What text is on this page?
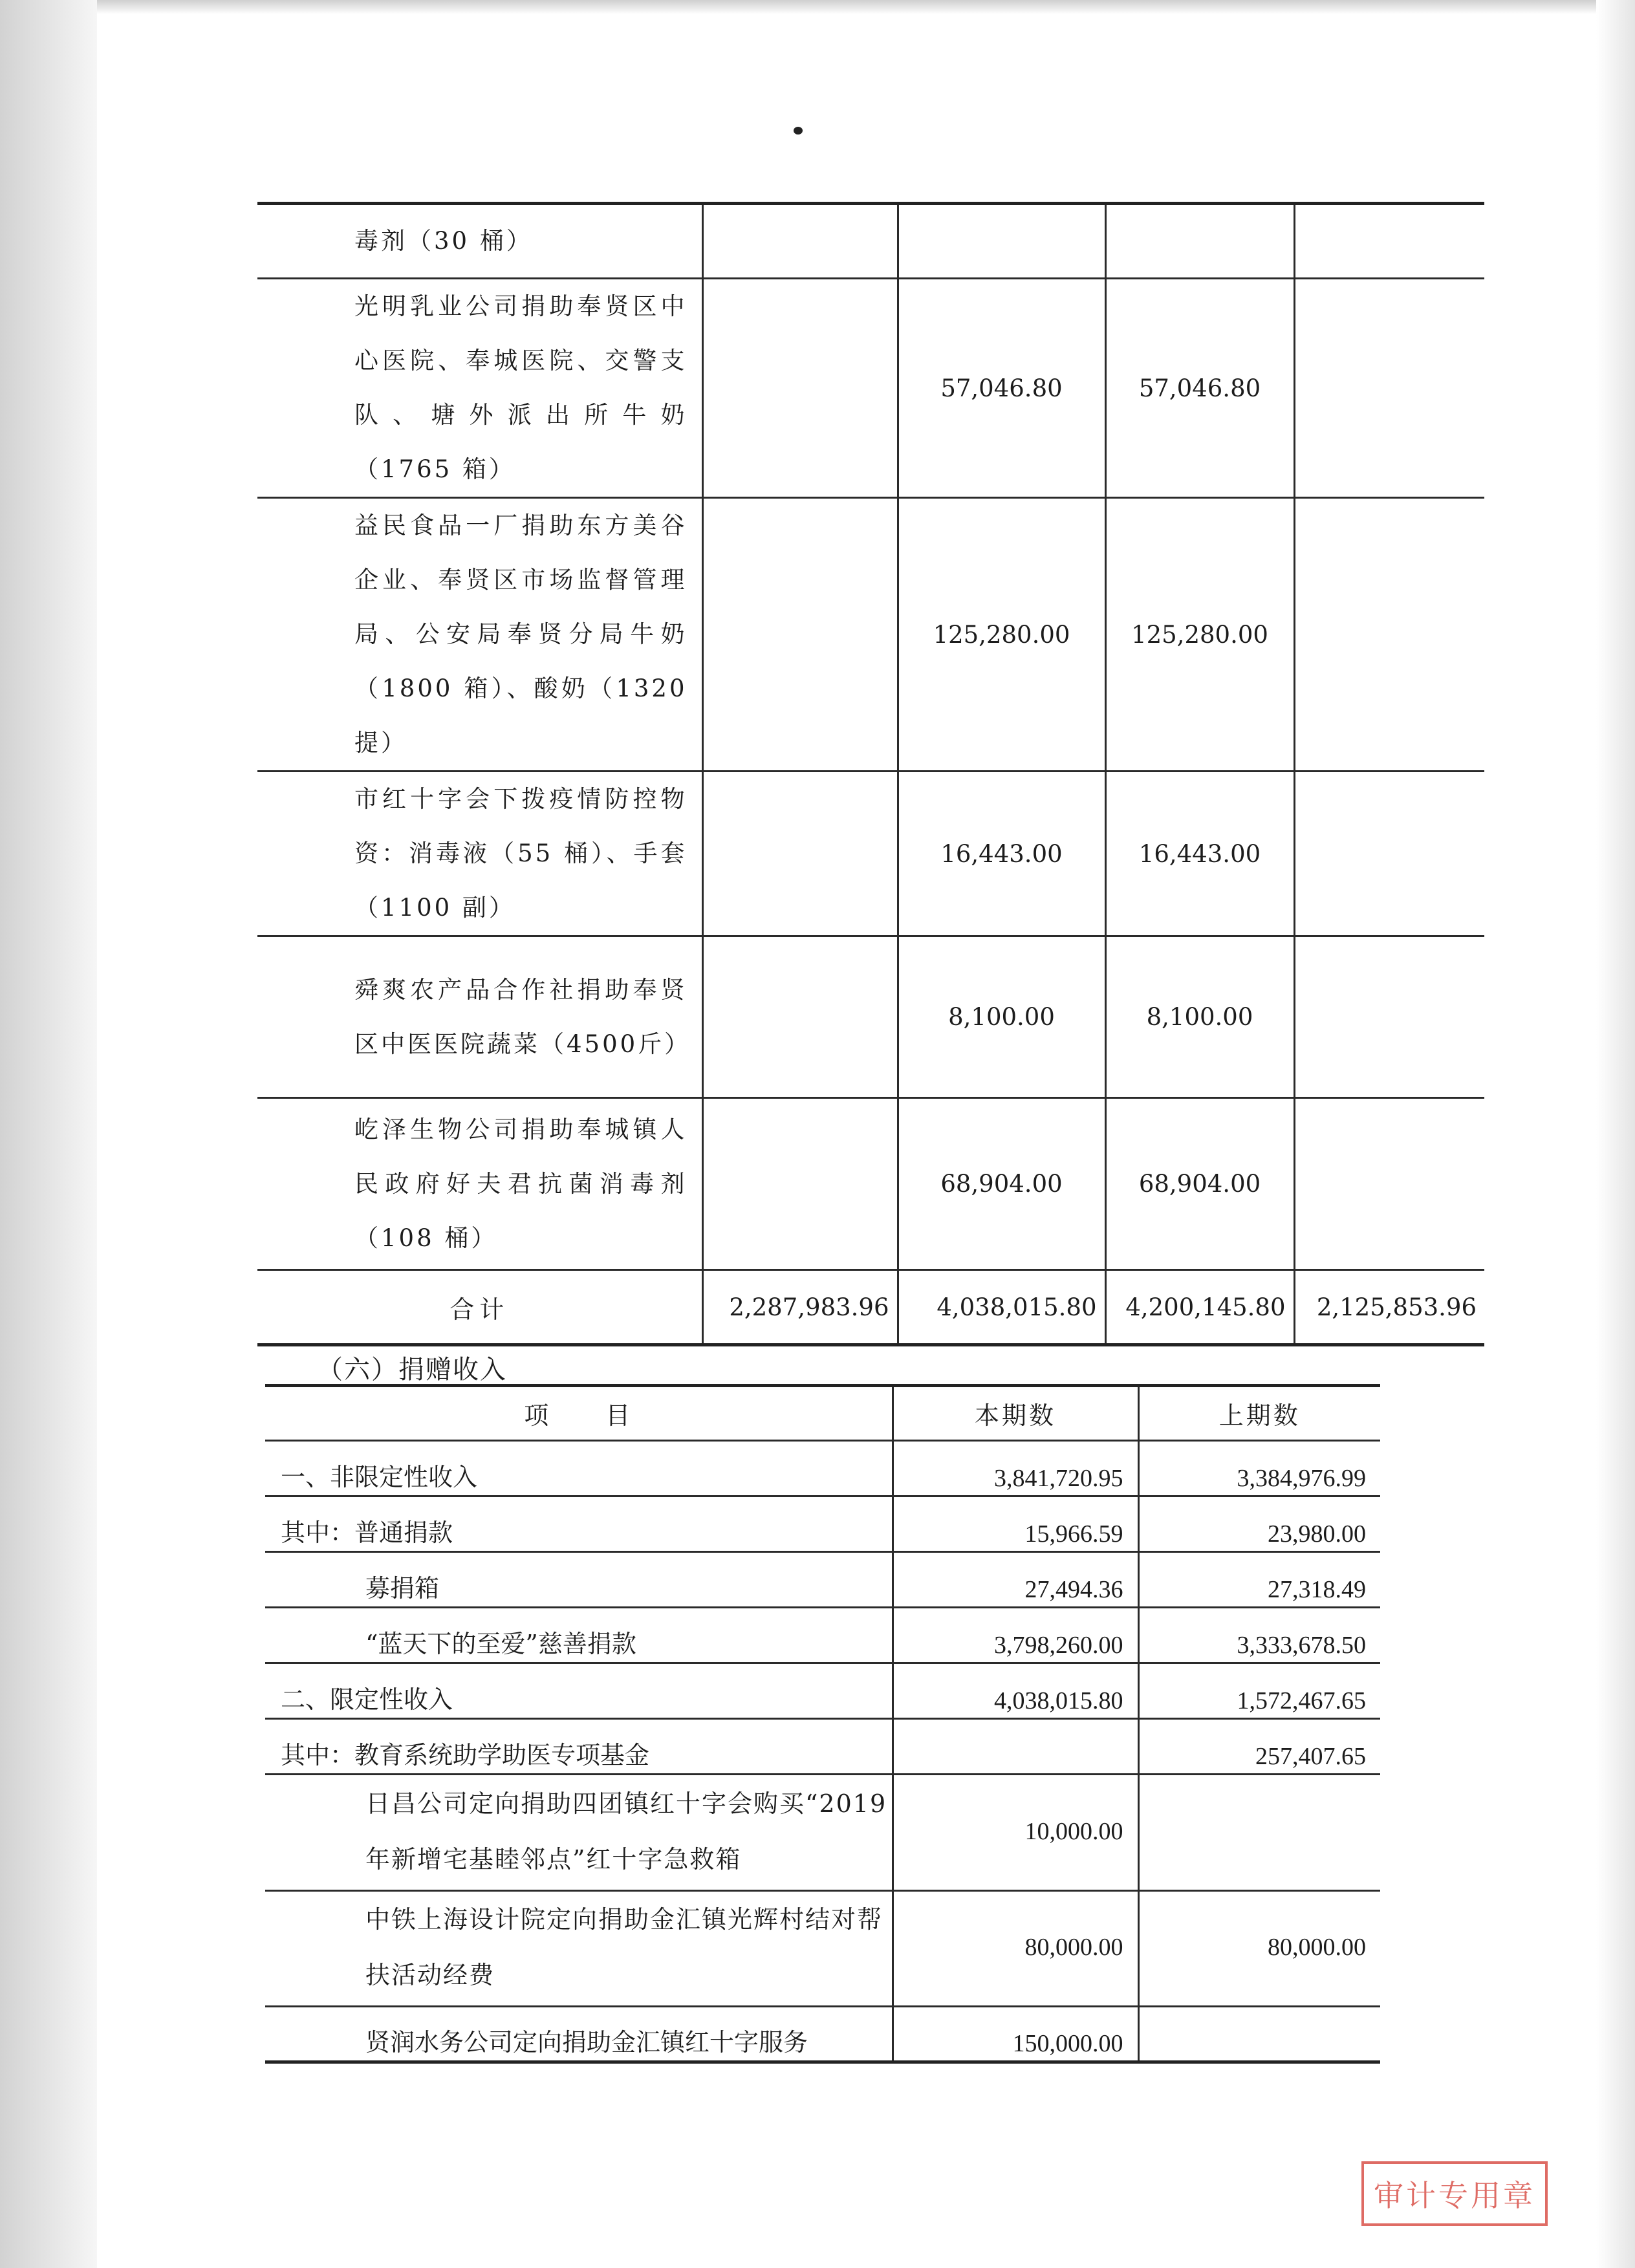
毒剂（30 桶）				
光明乳业公司捐助奉贤区中心医院、奉城医院、交警支队、塘外派出所牛奶（1765 箱）		57,046.80	57,046.80	
益民食品一厂捐助东方美谷企业、奉贤区市场监督管理局、公安局奉贤分局牛奶（1800 箱）、酸奶（1320 提）		125,280.00	125,280.00	
市红十字会下拨疫情防控物资：消毒液（55 桶）、手套（1100 副）		16,443.00	16,443.00	
舜爽农产品合作社捐助奉贤区中医医院蔬菜（4500斤）		8,100.00	8,100.00	
屹泽生物公司捐助奉城镇人民政府好夫君抗菌消毒剂（108 桶）		68,904.00	68,904.00	
合计	2,287,983.96	4,038,015.80	4,200,145.80	2,125,853.96
（六）捐赠收入
项　　目	本期数	上期数
一、非限定性收入	3,841,720.95	3,384,976.99
其中：普通捐款	15,966.59	23,980.00
募捐箱	27,494.36	27,318.49
“蓝天下的至爱”慈善捐款	3,798,260.00	3,333,678.50
二、限定性收入	4,038,015.80	1,572,467.65
其中：教育系统助学助医专项基金		257,407.65
日昌公司定向捐助四团镇红十字会购买“2019年新增宅基睦邻点”红十字急救箱	10,000.00	
中铁上海设计院定向捐助金汇镇光辉村结对帮扶活动经费	80,000.00	80,000.00
贤润水务公司定向捐助金汇镇红十字服务	150,000.00	
审计专用章
